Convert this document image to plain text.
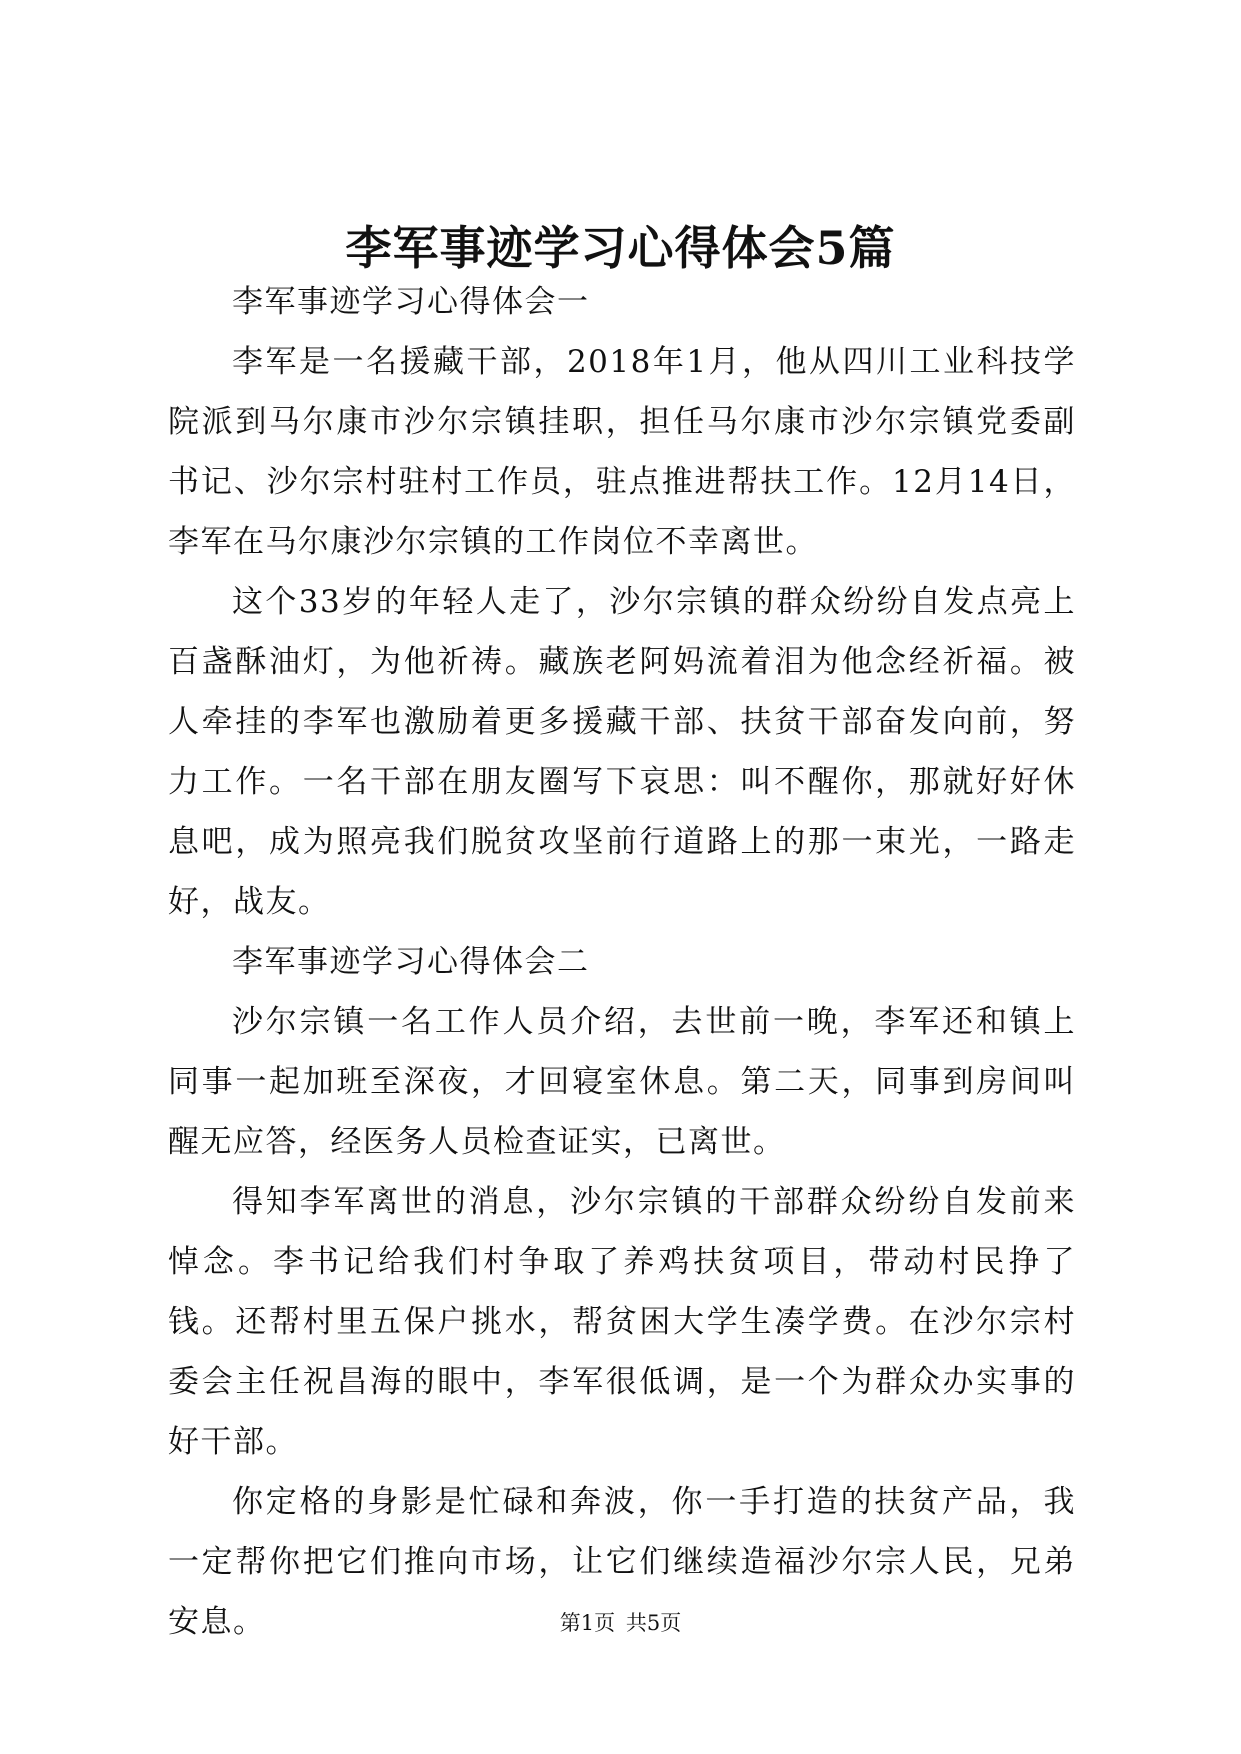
李军事迹学习心得体会5篇

李军事迹学习心得体会一

李军是一名援藏干部，2018年1月，他从四川工业科技学院派到马尔康市沙尔宗镇挂职，担任马尔康市沙尔宗镇党委副书记、沙尔宗村驻村工作员，驻点推进帮扶工作。12月14日，李军在马尔康沙尔宗镇的工作岗位不幸离世。

这个33岁的年轻人走了，沙尔宗镇的群众纷纷自发点亮上百盏酥油灯，为他祈祷。藏族老阿妈流着泪为他念经祈福。被人牵挂的李军也激励着更多援藏干部、扶贫干部奋发向前，努力工作。一名干部在朋友圈写下哀思：叫不醒你，那就好好休息吧，成为照亮我们脱贫攻坚前行道路上的那一束光，一路走好，战友。

李军事迹学习心得体会二

沙尔宗镇一名工作人员介绍，去世前一晚，李军还和镇上同事一起加班至深夜，才回寝室休息。第二天，同事到房间叫醒无应答，经医务人员检查证实，已离世。

得知李军离世的消息，沙尔宗镇的干部群众纷纷自发前来悼念。李书记给我们村争取了养鸡扶贫项目，带动村民挣了钱。还帮村里五保户挑水，帮贫困大学生凑学费。在沙尔宗村委会主任祝昌海的眼中，李军很低调，是一个为群众办实事的好干部。

你定格的身影是忙碌和奔波，你一手打造的扶贫产品，我一定帮你把它们推向市场，让它们继续造福沙尔宗人民，兄弟安息。	第1页 共5页
